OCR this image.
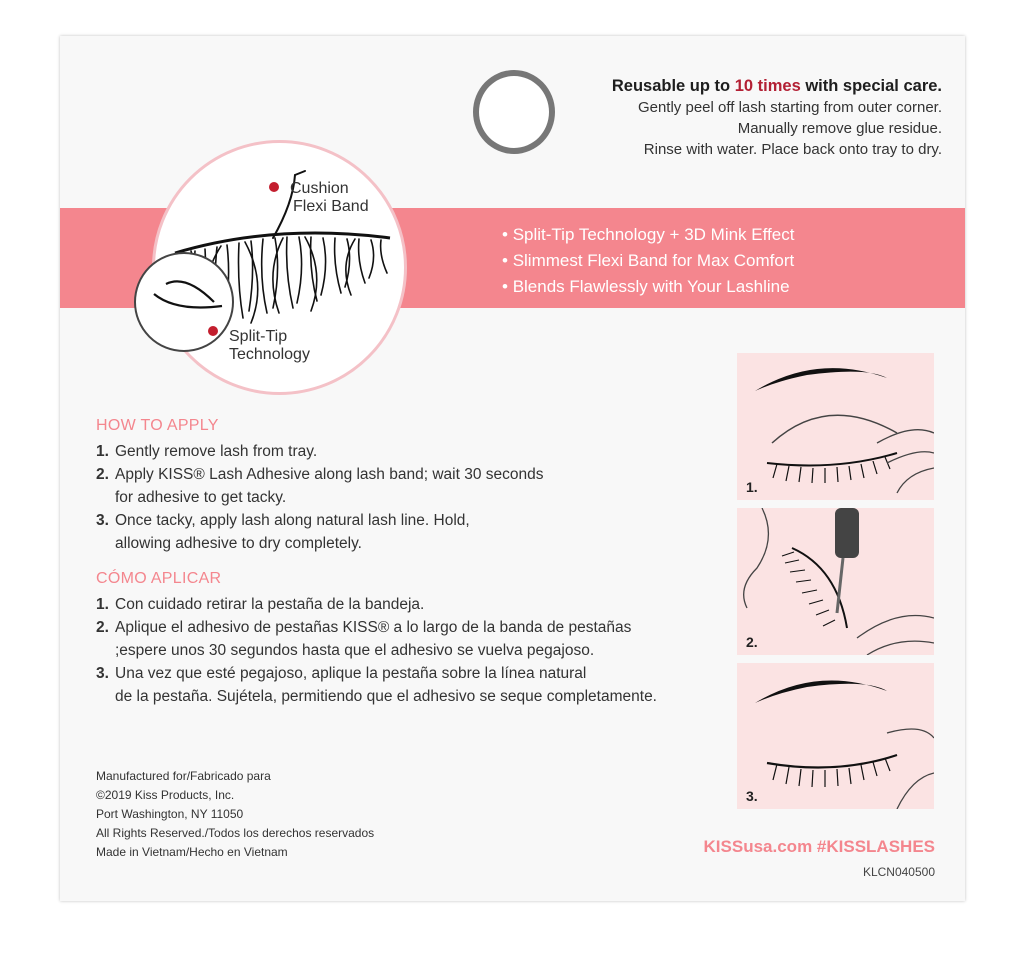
• Split-Tip Technology + 3D Mink Effect
• Slimmest Flexi Band for Max Comfort
• Blends Flawlessly with Your Lashline
Reusable up to 10 times with special care.
Gently peel off lash starting from outer corner.
Manually remove glue residue.
Rinse with water. Place back onto tray to dry.
Cushion
Flexi Band
Split-Tip
Technology
HOW TO APPLY
1. Gently remove lash from tray.
2. Apply KISS® Lash Adhesive along lash band; wait 30 seconds
for adhesive to get tacky.
3. Once tacky, apply lash along natural lash line. Hold,
allowing adhesive to dry completely.
CÓMO APLICAR
1. Con cuidado retirar la pestaña de la bandeja.
2. Aplique el adhesivo de pestañas KISS® a lo largo de la banda de pestañas
;espere unos 30 segundos hasta que el adhesivo se vuelva pegajoso.
3. Una vez que esté pegajoso, aplique la pestaña sobre la línea natural
de la pestaña. Sujétela, permitiendo que el adhesivo se seque completamente.
Manufactured for/Fabricado para
©2019 Kiss Products, Inc.
Port Washington, NY 11050
All Rights Reserved./Todos los derechos reservados
Made in Vietnam/Hecho en Vietnam
1.
2.
3.
KISSusa.com #KISSLASHES
KLCN040500
